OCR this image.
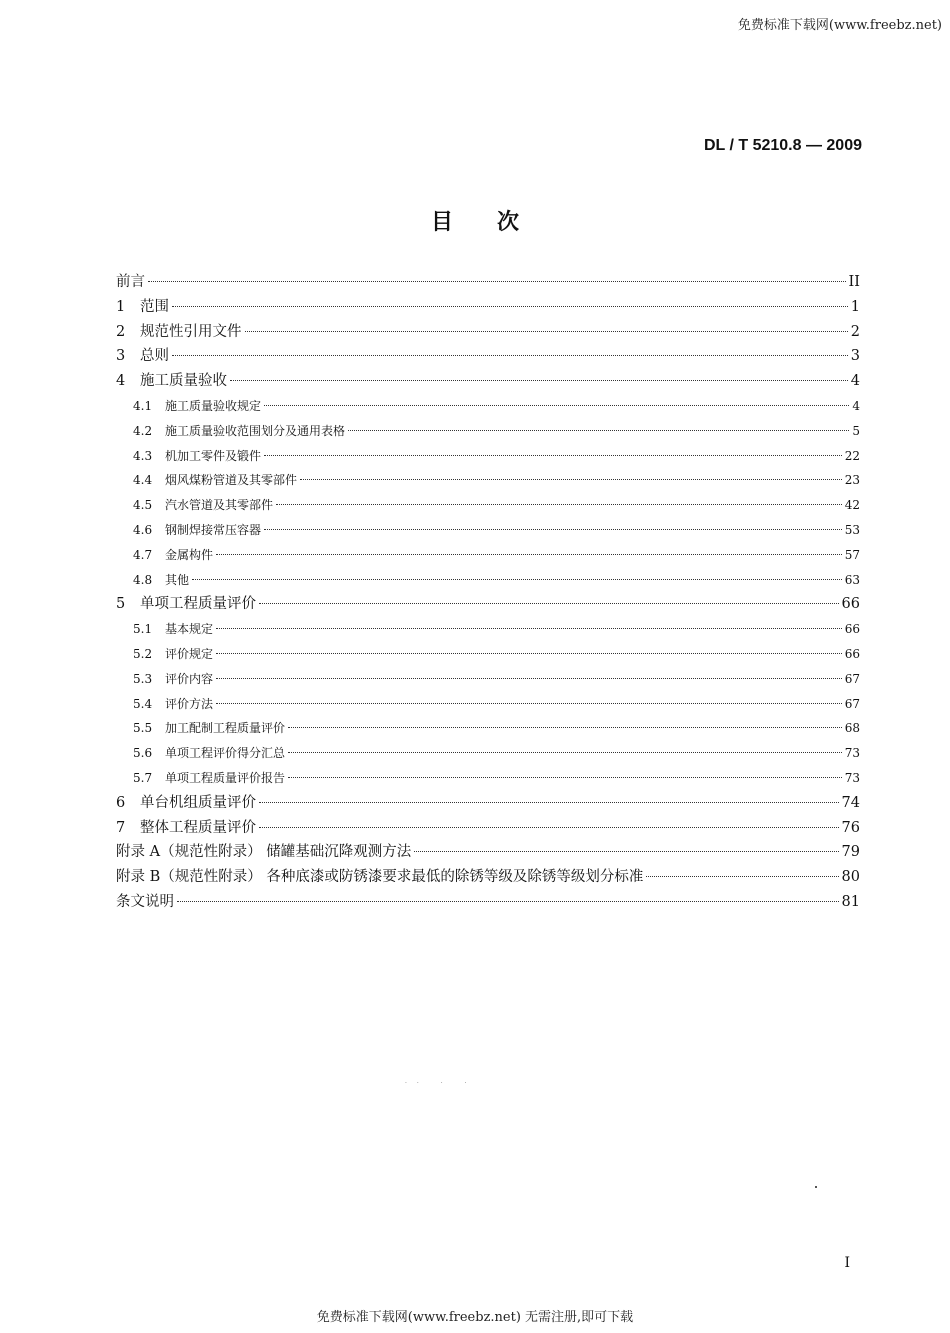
免费标准下载网(www.freebz.net)
DL / T 5210.8 — 2009
目次
前言	II
1	范围	1
2	规范性引用文件	2
3	总则	3
4	施工质量验收	4
4.1	施工质量验收规定	4
4.2	施工质量验收范围划分及通用表格	5
4.3	机加工零件及锻件	22
4.4	烟风煤粉管道及其零部件	23
4.5	汽水管道及其零部件	42
4.6	钢制焊接常压容器	53
4.7	金属构件	57
4.8	其他	63
5	单项工程质量评价	66
5.1	基本规定	66
5.2	评价规定	66
5.3	评价内容	67
5.4	评价方法	67
5.5	加工配制工程质量评价	68
5.6	单项工程评价得分汇总	73
5.7	单项工程质量评价报告	73
6	单台机组质量评价	74
7	整体工程质量评价	76
附录 A（规范性附录） 储罐基础沉降观测方法	79
附录 B（规范性附录） 各种底漆或防锈漆要求最低的除锈等级及除锈等级划分标准	80
条文说明	81
·· · ·
I
免费标准下载网(www.freebz.net) 无需注册,即可下载
